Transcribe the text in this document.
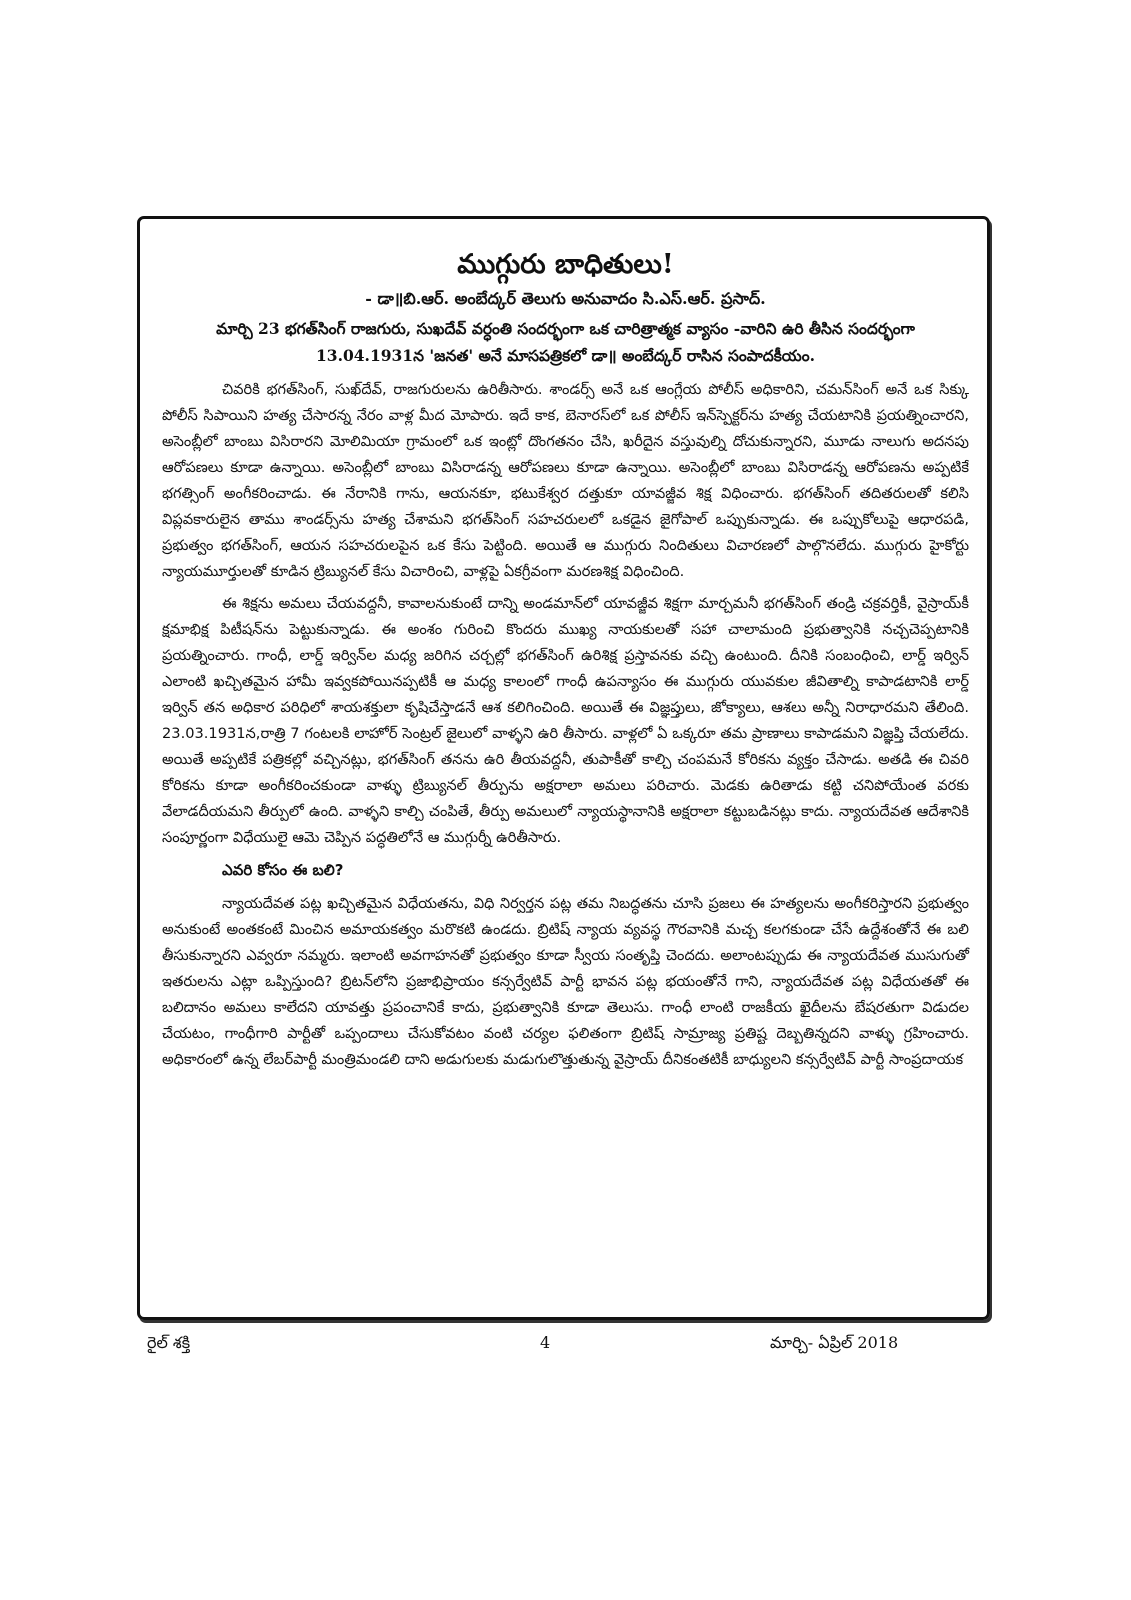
ముగ్గురు బాధితులు!
- డా॥బి.ఆర్. అంబేద్కర్ తెలుగు అనువాదం సి.ఎస్.ఆర్. ప్రసాద్.
మార్చి 23 భగత్‌సింగ్ రాజగురు, సుఖదేవ్ వర్ధంతి సందర్భంగా ఒక చారిత్రాత్మక వ్యాసం -వారిని ఉరి తీసిన సందర్భంగా 13.04.1931న 'జనత' అనే మాసపత్రికలో డా॥ అంబేద్కర్ రాసిన సంపాదకీయం.

చివరికి భగత్‌సింగ్, సుఖ్‌దేవ్, రాజగురులను ఉరితీసారు. శాండర్స్ అనే ఒక ఆంగ్లేయ పోలీస్ అధికారిని, చమన్‌సింగ్ అనే ఒక సిక్కు పోలీస్ సిపాయిని హత్య చేసారన్న నేరం వాళ్ల మీద మోపారు. ఇదే కాక, బెనారస్‌లో ఒక పోలీస్ ఇన్‌స్పెక్టర్‌ను హత్య చేయటానికి ప్రయత్నించారని, అసెంబ్లీలో బాంబు విసిరారని మోలిమియా గ్రామంలో ఒక ఇంట్లో దొంగతనం చేసి, ఖరీదైన వస్తువుల్ని దోచుకున్నారని, మూడు నాలుగు అదనపు ఆరోపణలు కూడా ఉన్నాయి. అసెంబ్లీలో బాంబు విసిరాడన్న ఆరోపణలు కూడా ఉన్నాయి. అసెంబ్లీలో బాంబు విసిరాడన్న ఆరోపణను అప్పటికే భగత్సింగ్ అంగీకరించాడు. ఈ నేరానికి గాను, ఆయనకూ, భటుకేశ్వర దత్తుకూ యావజ్జీవ శిక్ష విధించారు. భగత్‌సింగ్ తదితరులతో కలిసి విప్లవకారులైన తాము శాండర్స్‌ను హత్య చేశామని భగత్‌సింగ్ సహచరులలో ఒకడైన జైగోపాల్ ఒప్పుకున్నాడు. ఈ ఒప్పుకోలుపై ఆధారపడి, ప్రభుత్వం భగత్‌సింగ్, ఆయన సహచరులపైన ఒక కేసు పెట్టింది. అయితే ఆ ముగ్గురు నిందితులు విచారణలో పాల్గొనలేదు. ముగ్గురు హైకోర్టు న్యాయమూర్తులతో కూడిన ట్రిబ్యునల్ కేసు విచారించి, వాళ్లపై ఏకగ్రీవంగా మరణశిక్ష విధించింది.

ఈ శిక్షను అమలు చేయవద్దనీ, కావాలనుకుంటే దాన్ని అండమాన్‌లో యావజ్జీవ శిక్షగా మార్చమనీ భగత్‌సింగ్ తండ్రి చక్రవర్తికీ, వైస్రాయ్‌కీ క్షమాభిక్ష పిటీషన్‌ను పెట్టుకున్నాడు. ఈ అంశం గురించి కొందరు ముఖ్య నాయకులతో సహా చాలామంది ప్రభుత్వానికి నచ్చచెప్పటానికి ప్రయత్నించారు. గాంధీ, లార్డ్ ఇర్విన్‌ల మధ్య జరిగిన చర్చల్లో భగత్‌సింగ్ ఉరిశిక్ష ప్రస్తావనకు వచ్చి ఉంటుంది. దీనికి సంబంధించి, లార్డ్ ఇర్విన్ ఎలాంటి ఖచ్చితమైన హామీ ఇవ్వకపోయినప్పటికీ ఆ మధ్య కాలంలో గాంధీ ఉపన్యాసం ఈ ముగ్గురు యువకుల జీవితాల్ని కాపాడటానికి లార్డ్ ఇర్విన్ తన అధికార పరిధిలో శాయశక్తులా కృషిచేస్తాడనే ఆశ కలిగించింది. అయితే ఈ విజ్ఞప్తులు, జోక్యాలు, ఆశలు అన్నీ నిరాధారమని తేలింది. 23.03.1931న,రాత్రి 7 గంటలకి లాహోర్ సెంట్రల్ జైలులో వాళ్ళని ఉరి తీసారు. వాళ్లలో ఏ ఒక్కరూ తమ ప్రాణాలు కాపాడమని విజ్ఞప్తి చేయలేదు. అయితే అప్పటికే పత్రికల్లో వచ్చినట్లు, భగత్‌సింగ్ తనను ఉరి తీయవద్దనీ, తుపాకీతో కాల్చి చంపమనే కోరికను వ్యక్తం చేసాడు. అతడి ఈ చివరి కోరికను కూడా అంగీకరించకుండా వాళ్ళు ట్రిబ్యునల్ తీర్పును అక్షరాలా అమలు పరిచారు. మెడకు ఉరితాడు కట్టి చనిపోయేంత వరకు వేలాడదీయమని తీర్పులో ఉంది. వాళ్ళని కాల్చి చంపితే, తీర్పు అమలులో న్యాయస్థానానికి అక్షరాలా కట్టుబడినట్లు కాదు. న్యాయదేవత ఆదేశానికి సంపూర్ణంగా విధేయులై ఆమె చెప్పిన పద్ధతిలోనే ఆ ముగ్గుర్నీ ఉరితీసారు.

ఎవరి కోసం ఈ బలి?

న్యాయదేవత పట్ల ఖచ్చితమైన విధేయతను, విధి నిర్వర్తన పట్ల తమ నిబద్ధతను చూసి ప్రజలు ఈ హత్యలను అంగీకరిస్తారని ప్రభుత్వం అనుకుంటే అంతకంటే మించిన అమాయకత్వం మరొకటి ఉండదు. బ్రిటిష్ న్యాయ వ్యవస్థ గౌరవానికి మచ్చ కలగకుండా చేసే ఉద్దేశంతోనే ఈ బలి తీసుకున్నారని ఎవ్వరూ నమ్మరు. ఇలాంటి అవగాహనతో ప్రభుత్వం కూడా స్వీయ సంతృప్తి చెందదు. అలాంటప్పుడు ఈ న్యాయదేవత ముసుగుతో ఇతరులను ఎట్లా ఒప్పిస్తుంది? బ్రిటన్‌లోని ప్రజాభిప్రాయం కన్సర్వేటివ్ పార్టీ భావన పట్ల భయంతోనే గాని, న్యాయదేవత పట్ల విధేయతతో ఈ బలిదానం అమలు కాలేదని యావత్తు ప్రపంచానికే కాదు, ప్రభుత్వానికి కూడా తెలుసు. గాంధీ లాంటి రాజకీయ ఖైదీలను బేషరతుగా విడుదల చేయటం, గాంధీగారి పార్టీతో ఒప్పందాలు చేసుకోవటం వంటి చర్యల ఫలితంగా బ్రిటిష్ సామ్రాజ్య ప్రతిష్ట దెబ్బతిన్నదని వాళ్ళు గ్రహించారు. అధికారంలో ఉన్న లేబర్‌పార్టీ మంత్రిమండలి దాని అడుగులకు మడుగులొత్తుతున్న వైస్రాయ్ దీనికంతటికీ బాధ్యులని కన్సర్వేటివ్ పార్టీ సాంప్రదాయక

రైల్ శక్తి	4	మార్చి- ఏప్రిల్ 2018
